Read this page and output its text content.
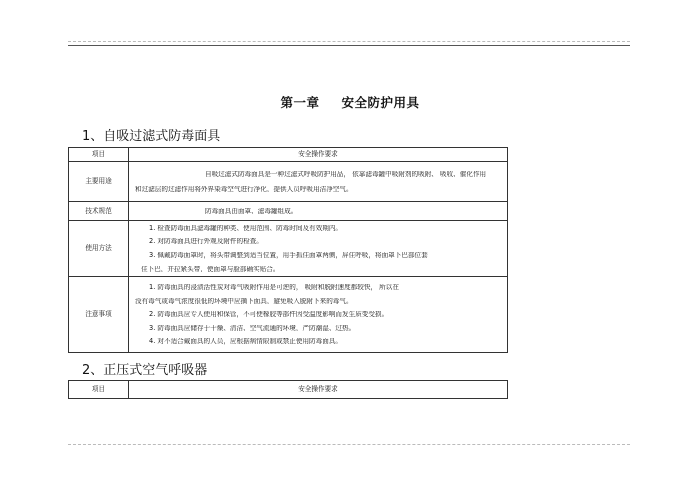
第一章 安全防护用具
1、自吸过滤式防毒面具
项目	安全操作要求
主要用途	自吸过滤式防毒面具是一种过滤式呼吸防护用品， 依靠滤毒罐中吸附剂的吸附、 吸收、催化作用
和过滤层的过滤作用将外界染毒空气进行净化，提供人员呼吸用洁净空气。

技术规范	防毒面具由面罩、滤毒罐组成。

使用方法	1. 检查防毒面具滤毒罐的种类、使用范围、防毒时间及有效期内。
2. 对防毒面具进行外观及附件的检查。
3. 佩戴防毒面罩时，将头带调整到适当位置，用手抓住面罩两侧，屏住呼吸，将面罩下巴部位套
住下巴，并拉紧头带，使面罩与脸部确实贴合。

注意事项	1. 防毒面具的浸渍活性炭对毒气吸附作用是可逆的， 吸附和脱附速度都较快， 所以在
没有毒气或毒气浓度很低的环境中应摘下面具，避免吸入脱附下来的毒气。
2. 防毒面具应专人使用和保管，不可使橡胶等部件因受温度影响而发生质变受损。
3. 防毒面具应储存于干燥、清洁、空气流通的环境，严防潮湿、过热。
4. 对不适合戴面具的人员，应根据病情限制或禁止使用防毒面具。
2、正压式空气呼吸器
项目	安全操作要求
